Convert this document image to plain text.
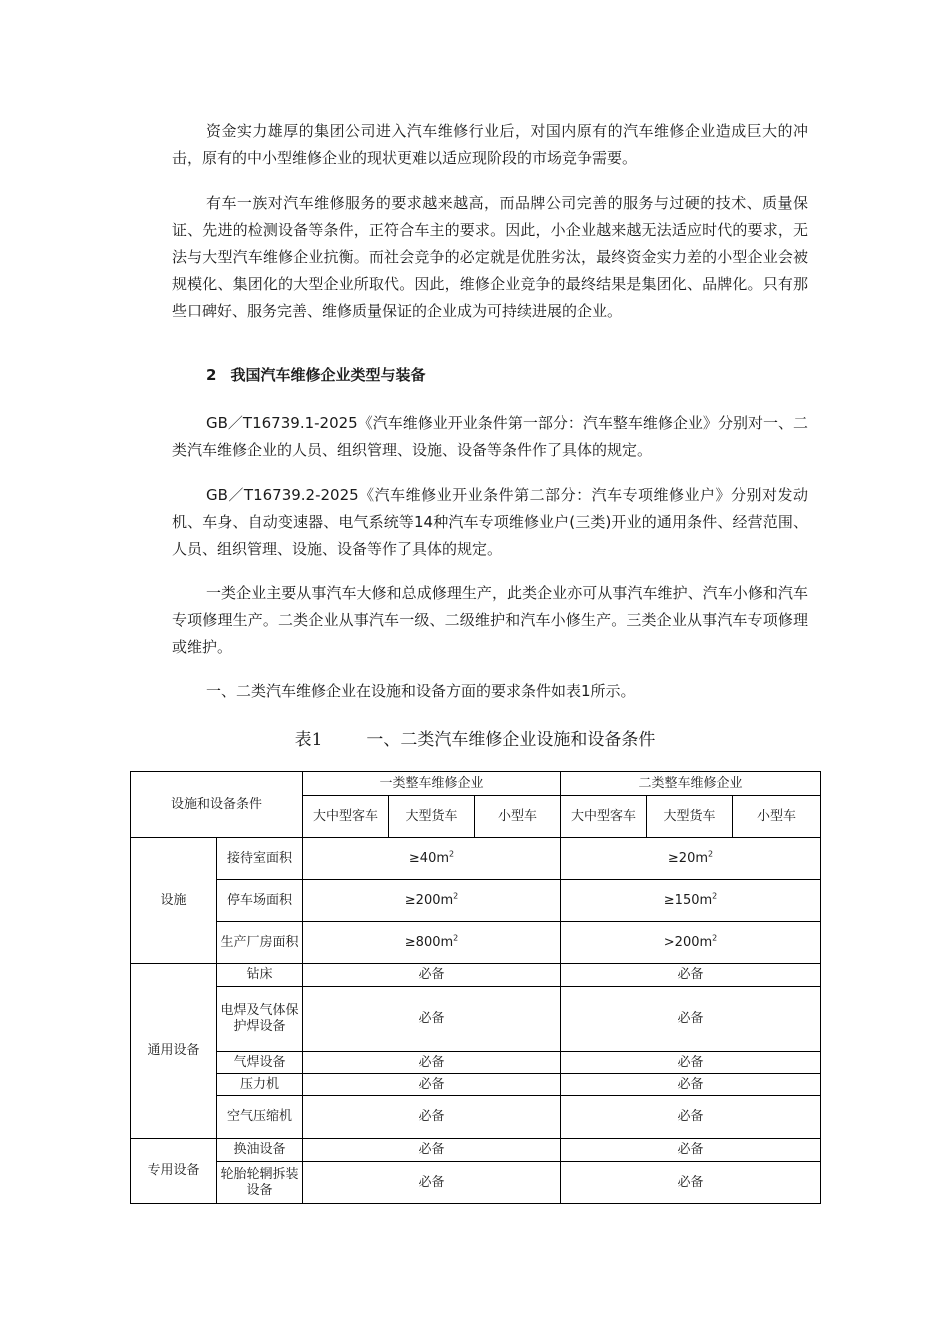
资金实力雄厚的集团公司进入汽车维修行业后，对国内原有的汽车维修企业造成巨大的冲击，原有的中小型维修企业的现状更难以适应现阶段的市场竞争需要。

有车一族对汽车维修服务的要求越来越高，而品牌公司完善的服务与过硬的技术、质量保证、先进的检测设备等条件，正符合车主的要求。因此，小企业越来越无法适应时代的要求，无法与大型汽车维修企业抗衡。而社会竞争的必定就是优胜劣汰，最终资金实力差的小型企业会被规模化、集团化的大型企业所取代。因此，维修企业竞争的最终结果是集团化、品牌化。只有那些口碑好、服务完善、维修质量保证的企业成为可持续进展的企业。

2 我国汽车维修企业类型与装备

GB／T16739.1-2025《汽车维修业开业条件第一部分：汽车整车维修企业》分别对一、二类汽车维修企业的人员、组织管理、设施、设备等条件作了具体的规定。

GB／T16739.2-2025《汽车维修业开业条件第二部分：汽车专项维修业户》分别对发动机、车身、自动变速器、电气系统等14种汽车专项维修业户(三类)开业的通用条件、经营范围、人员、组织管理、设施、设备等作了具体的规定。

一类企业主要从事汽车大修和总成修理生产，此类企业亦可从事汽车维护、汽车小修和汽车专项修理生产。二类企业从事汽车一级、二级维护和汽车小修生产。三类企业从事汽车专项修理或维护。

一、二类汽车维修企业在设施和设备方面的要求条件如表1所示。

表1	一、二类汽车维修企业设施和设备条件
设施和设备条件		一类整车维修企业			二类整车维修企业		
		大中型客车	大型货车	小型车	大中型客车	大型货车	小型车
设施	接待室面积	$\ge 40m^2$			$\ge 20m^2$
	停车场面积	$\ge 200m^2$			$\ge 150m^2$
	生产厂房面积	$\ge 800m^2$			$>200m^2$
通用设备	钻床	必备			必备		
	电焊及气体保护焊设备	必备			必备		
	气焊设备	必备			必备		
	压力机	必备			必备		
	空气压缩机	必备			必备		
专用设备	换油设备	必备			必备		
	轮胎轮辋拆装设备	必备			必备		
